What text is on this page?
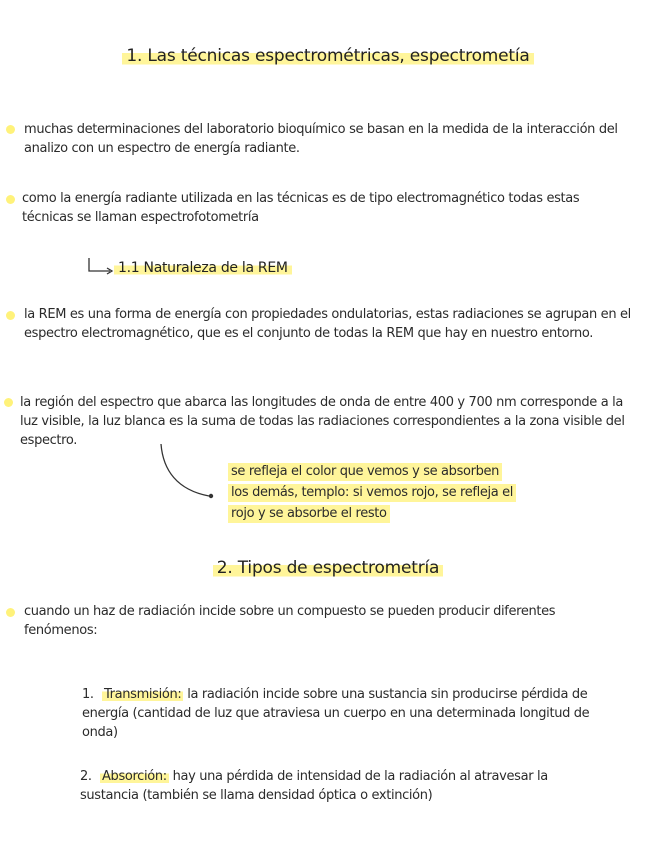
1. Las técnicas espectrométricas, espectrometía
muchas determinaciones del laboratorio bioquímico se basan en la medida de la interacción del analizo con un espectro de energía radiante.
como la energía radiante utilizada en las técnicas es de tipo electromagnético todas estas técnicas se llaman espectrofotometría
1.1 Naturaleza de la REM
la REM es una forma de energía con propiedades ondulatorias, estas radiaciones se agrupan en el espectro electromagnético, que es el conjunto de todas la REM que hay en nuestro entorno.
la región del espectro que abarca las longitudes de onda de entre 400 y 700 nm corresponde a la luz visible, la luz blanca es la suma de todas las radiaciones correspondientes a la zona visible del espectro.
se refleja el color que vemos y se absorben
los demás, templo: si vemos rojo, se refleja el
rojo y se absorbe el resto
2. Tipos de espectrometría
cuando un haz de radiación incide sobre un compuesto se pueden producir diferentes fenómenos:
1. Transmisión: la radiación incide sobre una sustancia sin producirse pérdida de energía (cantidad de luz que atraviesa un cuerpo en una determinada longitud de onda)
2. Absorción: hay una pérdida de intensidad de la radiación al atravesar la sustancia (también se llama densidad óptica o extinción)
